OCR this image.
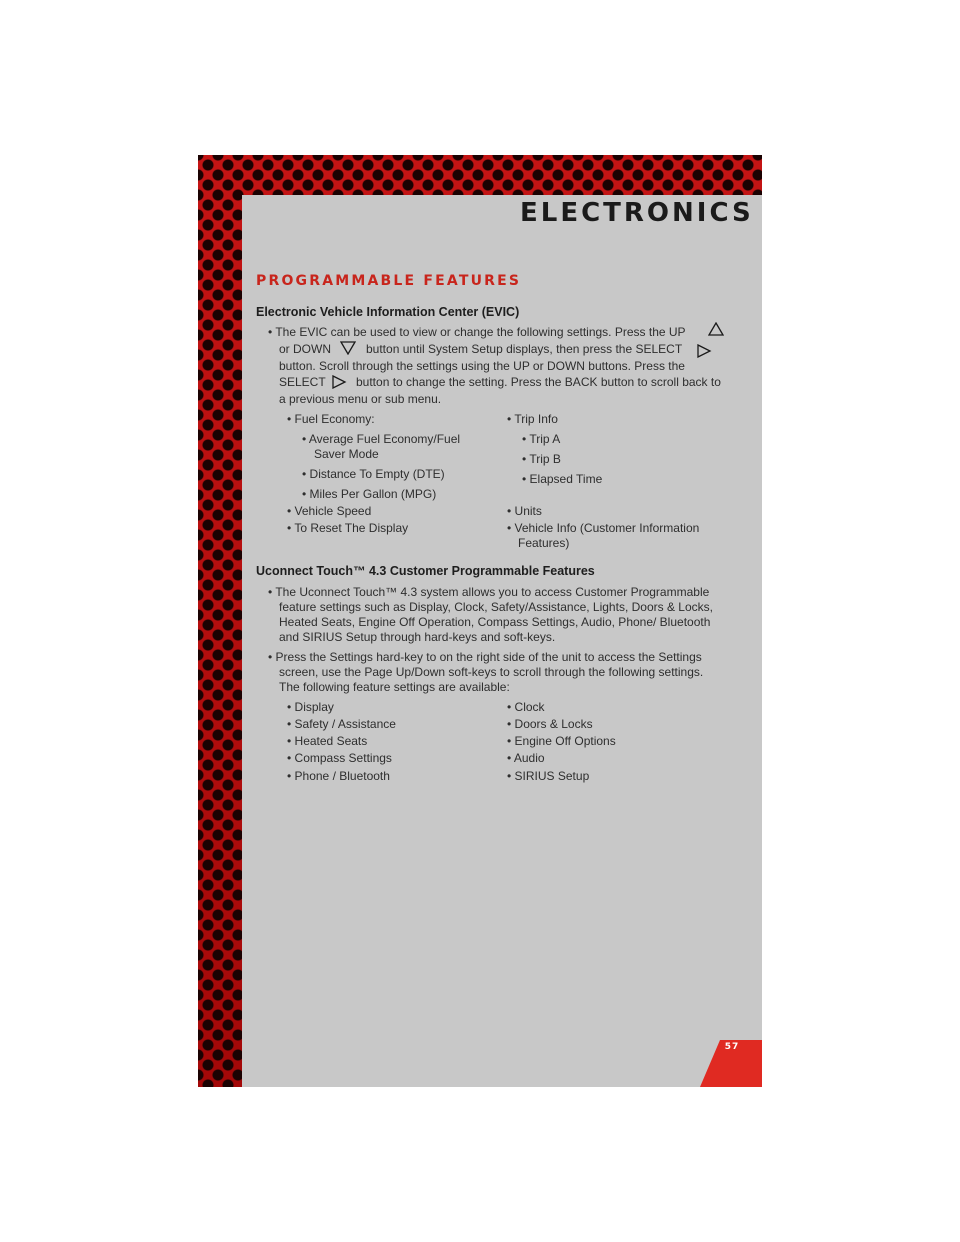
ELECTRONICS
PROGRAMMABLE FEATURES
Electronic Vehicle Information Center (EVIC)
• The EVIC can be used to view or change the following settings. Press the UP
or DOWN	button until System Setup displays, then press the SELECT
button. Scroll through the settings using the UP or DOWN buttons. Press the
SELECT	button to change the setting. Press the BACK button to scroll back to
a previous menu or sub menu.
• Fuel Economy:
• Average Fuel Economy/Fuel
Saver Mode
• Distance To Empty (DTE)
• Miles Per Gallon (MPG)
• Vehicle Speed
• To Reset The Display
• Trip Info
• Trip A
• Trip B
• Elapsed Time
• Units
• Vehicle Info (Customer Information
Features)
Uconnect Touch™ 4.3 Customer Programmable Features
• The Uconnect Touch™ 4.3 system allows you to access Customer Programmable
feature settings such as Display, Clock, Safety/Assistance, Lights, Doors & Locks,
Heated Seats, Engine Off Operation, Compass Settings, Audio, Phone/ Bluetooth
and SIRIUS Setup through hard-keys and soft-keys.
• Press the Settings hard-key to on the right side of the unit to access the Settings
screen, use the Page Up/Down soft-keys to scroll through the following settings.
The following feature settings are available:
• Display
• Safety / Assistance
• Heated Seats
• Compass Settings
• Phone / Bluetooth
• Clock
• Doors & Locks
• Engine Off Options
• Audio
• SIRIUS Setup
57
